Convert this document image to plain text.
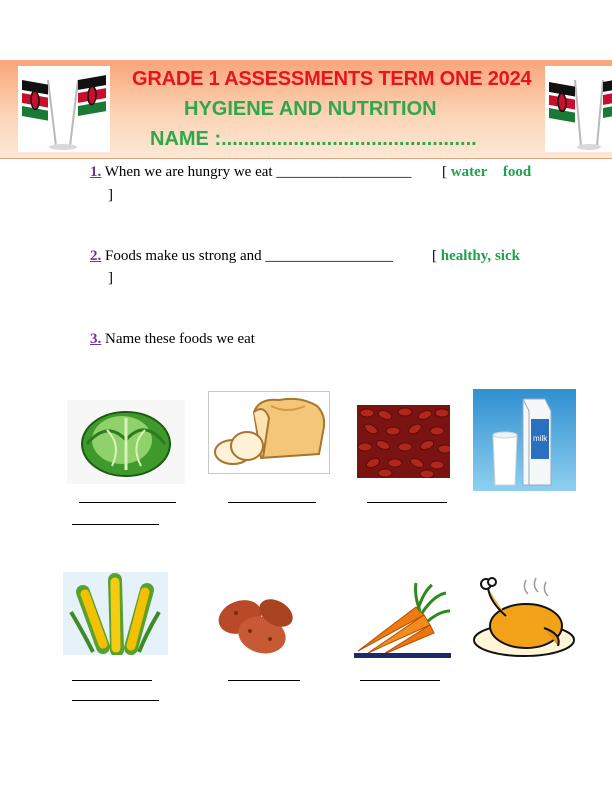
GRADE 1 ASSESSMENTS TERM ONE 2024
HYGIENE AND NUTRITION
NAME :..............................................
1. When we are hungry we eat __________________ [ water food
]
2. Foods make us strong and _________________	[ healthy, sick
]
3. Name these foods we eat
milk
